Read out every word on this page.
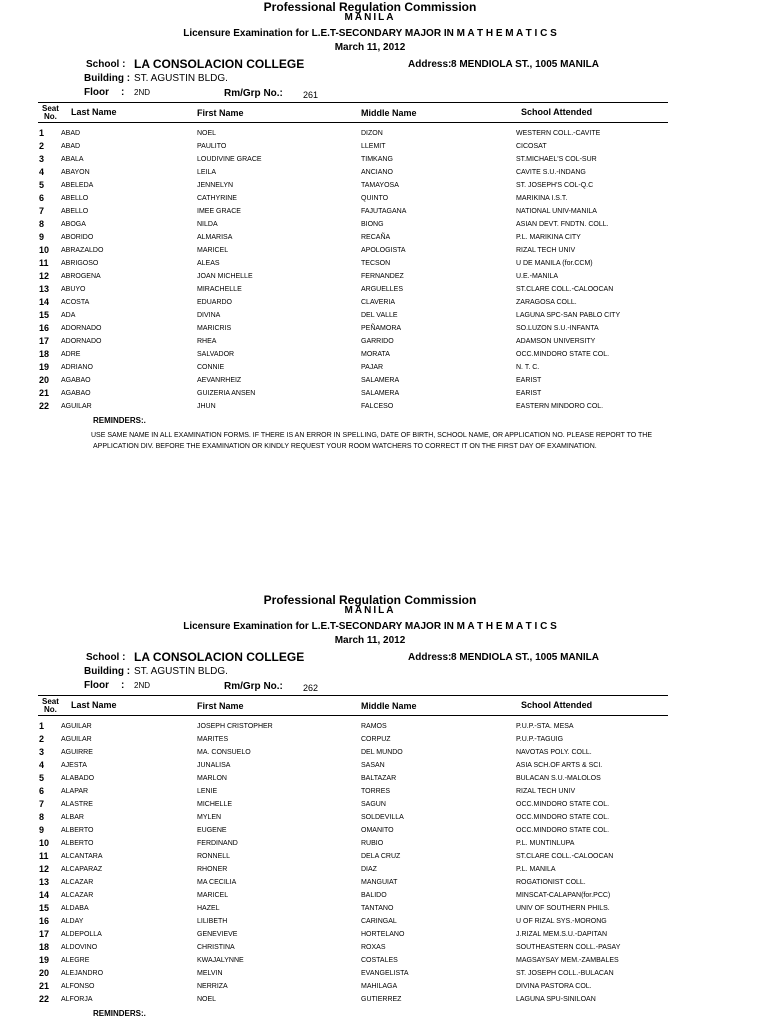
Professional Regulation Commission
MANILA
Licensure Examination for L.E.T-SECONDARY MAJOR IN M A T H E M A T I C S
March 11, 2012
School : LA CONSOLACION COLLEGE	Address: 8 MENDIOLA ST., 1005 MANILA
Building : ST. AGUSTIN BLDG.
Floor : 2ND	Rm/Grp No.: 261
Seat
No. Last Name	First Name	Middle Name	School Attended
1 ABAD	NOEL	DIZON	WESTERN COLL.-CAVITE
2 ABAD	PAULITO	LLEMIT	CICOSAT
3 ABALA	LOUDIVINE GRACE	TIMKANG	ST.MICHAEL'S COL-SUR
4 ABAYON	LEILA	ANCIANO	CAVITE S.U.-INDANG
5 ABELEDA	JENNELYN	TAMAYOSA	ST. JOSEPH'S COL-Q.C
6 ABELLO	CATHYRINE	QUINTO	MARIKINA I.S.T.
7 ABELLO	IMEE GRACE	FAJUTAGANA	NATIONAL UNIV-MANILA
8 ABOGA	NILDA	BIONG	ASIAN DEVT. FNDTN. COLL.
9 ABORIDO	ALMARISA	RECAÑA	P.L. MARIKINA CITY
10 ABRAZALDO	MARICEL	APOLOGISTA	RIZAL TECH UNIV
11 ABRIGOSO	ALEAS	TECSON	U DE MANILA (for.CCM)
12 ABROGENA	JOAN MICHELLE	FERNANDEZ	U.E.-MANILA
13 ABUYO	MIRACHELLE	ARGUELLES	ST.CLARE COLL.-CALOOCAN
14 ACOSTA	EDUARDO	CLAVERIA	ZARAGOSA COLL.
15 ADA	DIVINA	DEL VALLE	LAGUNA SPC-SAN PABLO CITY
16 ADORNADO	MARICRIS	PEÑAMORA	SO.LUZON S.U.-INFANTA
17 ADORNADO	RHEA	GARRIDO	ADAMSON UNIVERSITY
18 ADRE	SALVADOR	MORATA	OCC.MINDORO STATE COL.
19 ADRIANO	CONNIE	PAJAR	N. T. C.
20 AGABAO	AEVANRHEIZ	SALAMERA	EARIST
21 AGABAO	GUIZERIA ANSEN	SALAMERA	EARIST
22 AGUILAR	JHUN	FALCESO	EASTERN MINDORO COL.
REMINDERS:.
USE SAME NAME IN ALL EXAMINATION FORMS. IF THERE IS AN ERROR IN SPELLING, DATE OF BIRTH, SCHOOL NAME, OR APPLICATION NO. PLEASE REPORT TO THE
APPLICATION DIV. BEFORE THE EXAMINATION OR KINDLY REQUEST YOUR ROOM WATCHERS TO CORRECT IT ON THE FIRST DAY OF EXAMINATION.
Professional Regulation Commission
MANILA
Licensure Examination for L.E.T-SECONDARY MAJOR IN M A T H E M A T I C S
March 11, 2012
School : LA CONSOLACION COLLEGE	Address: 8 MENDIOLA ST., 1005 MANILA
Building : ST. AGUSTIN BLDG.
Floor : 2ND	Rm/Grp No.: 262
Seat
No. Last Name	First Name	Middle Name	School Attended
1 AGUILAR	JOSEPH CRISTOPHER	RAMOS	P.U.P.-STA. MESA
2 AGUILAR	MARITES	CORPUZ	P.U.P.-TAGUIG
3 AGUIRRE	MA. CONSUELO	DEL MUNDO	NAVOTAS POLY. COLL.
4 AJESTA	JUNALISA	SASAN	ASIA SCH.OF ARTS & SCI.
5 ALABADO	MARLON	BALTAZAR	BULACAN S.U.-MALOLOS
6 ALAPAR	LENIE	TORRES	RIZAL TECH UNIV
7 ALASTRE	MICHELLE	SAGUN	OCC.MINDORO STATE COL.
8 ALBAR	MYLEN	SOLDEVILLA	OCC.MINDORO STATE COL.
9 ALBERTO	EUGENE	OMANITO	OCC.MINDORO STATE COL.
10 ALBERTO	FERDINAND	RUBIO	P.L. MUNTINLUPA
11 ALCANTARA	RONNELL	DELA CRUZ	ST.CLARE COLL.-CALOOCAN
12 ALCAPARAZ	RHONER	DIAZ	P.L. MANILA
13 ALCAZAR	MA CECILIA	MANGUIAT	ROGATIONIST COLL.
14 ALCAZAR	MARICEL	BALIDO	MINSCAT-CALAPAN(for.PCC)
15 ALDABA	HAZEL	TANTANO	UNIV OF SOUTHERN PHILS.
16 ALDAY	LILIBETH	CARINGAL	U OF RIZAL SYS.-MORONG
17 ALDEPOLLA	GENEVIEVE	HORTELANO	J.RIZAL MEM.S.U.-DAPITAN
18 ALDOVINO	CHRISTINA	ROXAS	SOUTHEASTERN COLL.-PASAY
19 ALEGRE	KWAJALYNNE	COSTALES	MAGSAYSAY MEM.-ZAMBALES
20 ALEJANDRO	MELVIN	EVANGELISTA	ST. JOSEPH COLL.-BULACAN
21 ALFONSO	NERRIZA	MAHILAGA	DIVINA PASTORA COL.
22 ALFORJA	NOEL	GUTIERREZ	LAGUNA SPU-SINILOAN
REMINDERS:.
